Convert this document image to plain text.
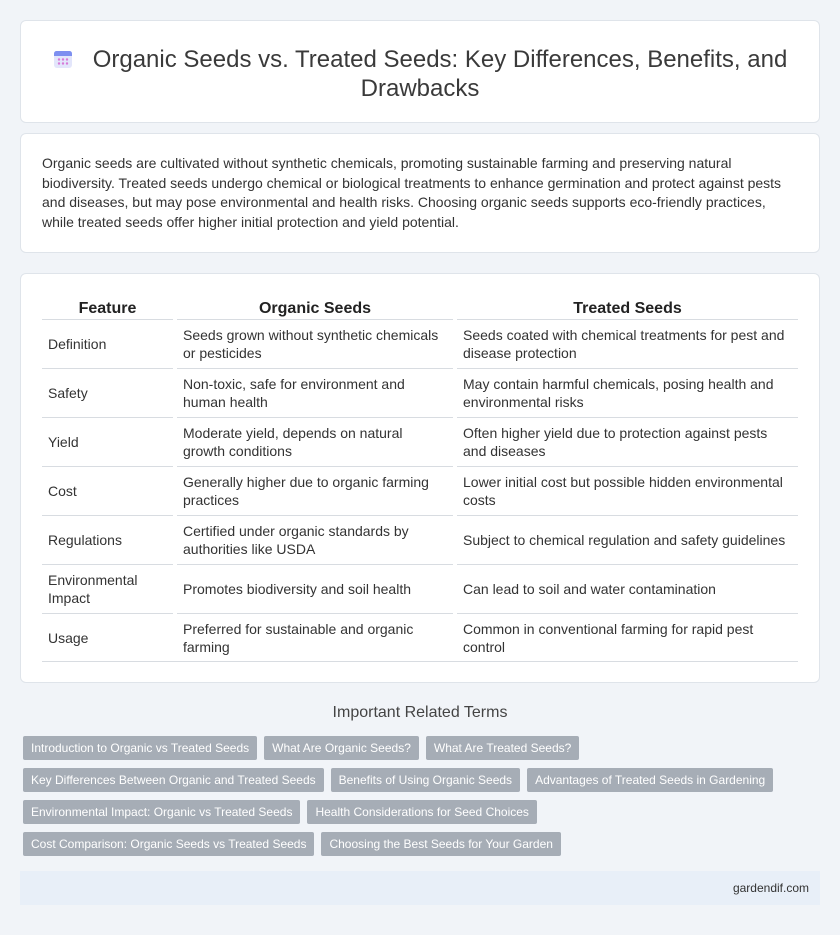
Organic Seeds vs. Treated Seeds: Key Differences, Benefits, and Drawbacks

Organic seeds are cultivated without synthetic chemicals, promoting sustainable farming and preserving natural biodiversity. Treated seeds undergo chemical or biological treatments to enhance germination and protect against pests and diseases, but may pose environmental and health risks. Choosing organic seeds supports eco-friendly practices, while treated seeds offer higher initial protection and yield potential.

Feature		Organic Seeds		Treated Seeds
Definition		Seeds grown without synthetic chemicals or pesticides		Seeds coated with chemical treatments for pest and disease protection
Safety		Non-toxic, safe for environment and human health		May contain harmful chemicals, posing health and environmental risks
Yield		Moderate yield, depends on natural growth conditions		Often higher yield due to protection against pests and diseases
Cost		Generally higher due to organic farming practices		Lower initial cost but possible hidden environmental costs
Regulations		Certified under organic standards by authorities like USDA		Subject to chemical regulation and safety guidelines
Environmental Impact		Promotes biodiversity and soil health		Can lead to soil and water contamination
Usage		Preferred for sustainable and organic farming		Common in conventional farming for rapid pest control
Important Related Terms
Introduction to Organic vs Treated Seeds	What Are Organic Seeds?	What Are Treated Seeds?
Key Differences Between Organic and Treated Seeds	Benefits of Using Organic Seeds	Advantages of Treated Seeds in Gardening
Environmental Impact: Organic vs Treated Seeds	Health Considerations for Seed Choices
Cost Comparison: Organic Seeds vs Treated Seeds	Choosing the Best Seeds for Your Garden
gardendif.com
